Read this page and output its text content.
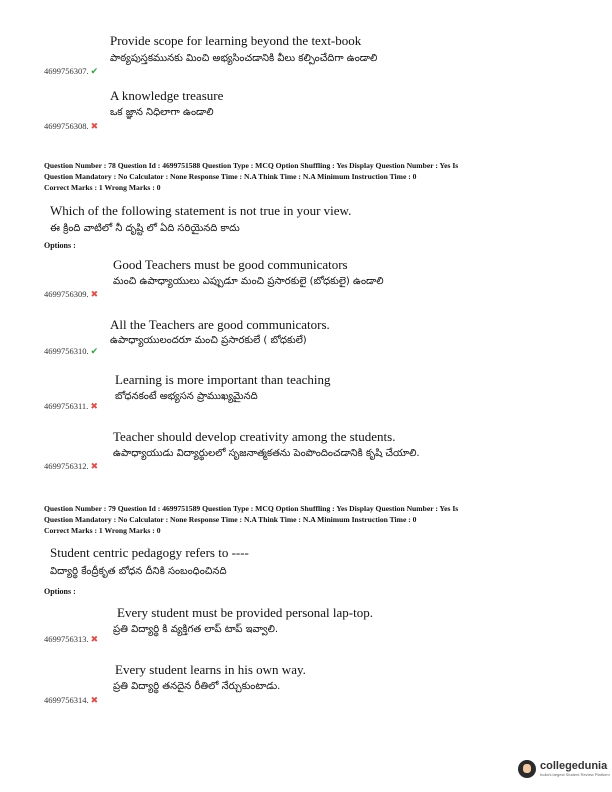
Provide scope for learning beyond the text-book
పాఠ్యపుస్తకమునకు మించి అభ్యసించడానికి వీలు కల్పించేదిగా ఉండాలి
4699756307. ✔
A knowledge treasure
ఒక జ్ఞాన నిధిలాగా ఉండాలి
4699756308. ✖
Question Number : 78 Question Id : 4699751588 Question Type : MCQ Option Shuffling : Yes Display Question Number : Yes Is
Question Mandatory : No Calculator : None Response Time : N.A Think Time : N.A Minimum Instruction Time : 0
Correct Marks : 1 Wrong Marks : 0
Which of the following statement is not true in your view.
ఈ క్రింది వాటిలో నీ దృష్టి లో ఏది సరియైనది కాదు
Options :
Good Teachers must be good communicators
మంచి ఉపాధ్యాయులు ఎప్పుడూ మంచి ప్రసారకులై (బోధకులై) ఉండాలి
4699756309. ✖
All the Teachers are good communicators.
ఉపాధ్యాయులందరూ మంచి ప్రసారకులే ( బోధకులే)
4699756310. ✔
Learning is more important than teaching
బోధనకంటే అభ్యసన ప్రాముఖ్యమైనది
4699756311. ✖
Teacher should develop creativity among the students.
ఉపాధ్యాయుడు విద్యార్థులలో సృజనాత్మకతను పెంపొందించడానికి కృషి చేయాలి.
4699756312. ✖
Question Number : 79 Question Id : 4699751589 Question Type : MCQ Option Shuffling : Yes Display Question Number : Yes Is
Question Mandatory : No Calculator : None Response Time : N.A Think Time : N.A Minimum Instruction Time : 0
Correct Marks : 1 Wrong Marks : 0
Student centric pedagogy refers to ----
విద్యార్థి కేంద్రీకృత బోధన దీనికి సంబంధించినది
Options :
Every student must be provided personal lap-top.
ప్రతి విద్యార్థి కి వ్యక్తిగత లాప్ టాప్ ఇవ్వాలి.
4699756313. ✖
Every student learns in his own way.
ప్రతి విద్యార్థి తనదైన రీతిలో నేర్చుకుంటాడు.
4699756314. ✖
collegedunia
India's largest Student Review Platform
